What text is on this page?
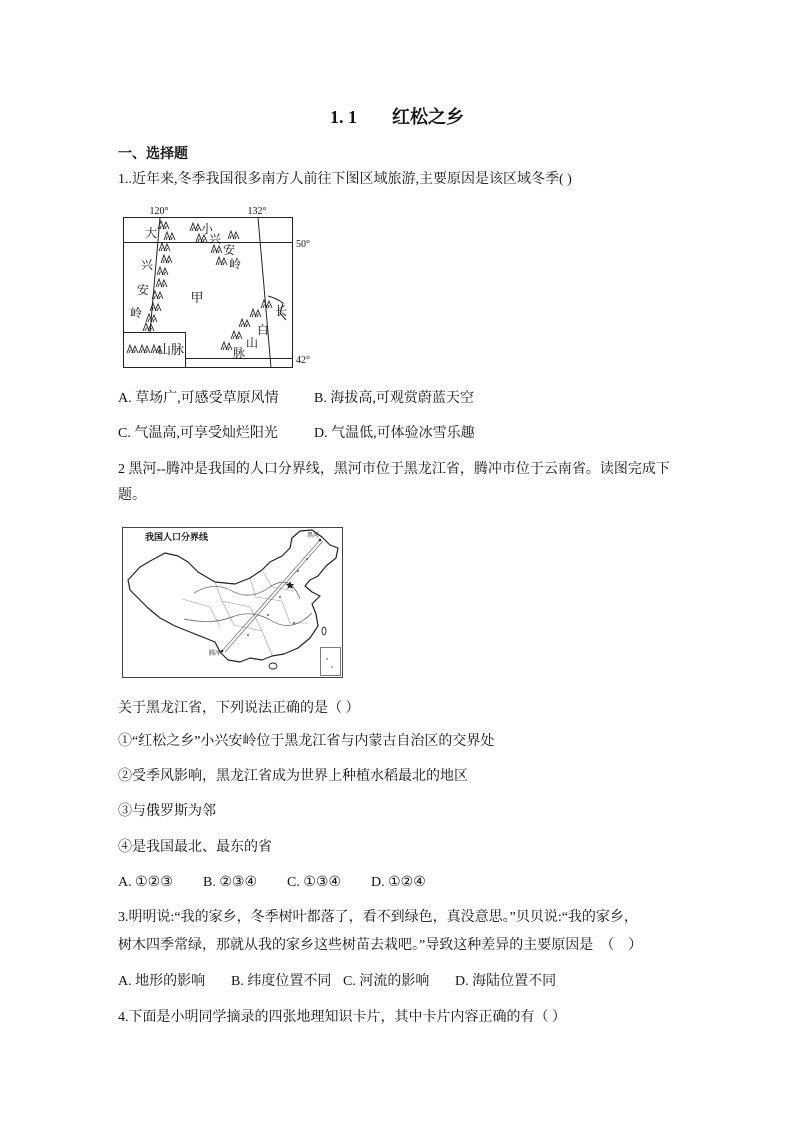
1. 1 红松之乡
一、选择题
1..近年来,冬季我国很多南方人前往下图区域旅游,主要原因是该区域冬季( )
120°	132°
50°
42°
大
兴
安
岭
小
兴
安
岭
甲
长
白
山
脉
山脉
A. 草场广,可感受草原风情	B. 海拔高,可观赏蔚蓝天空
C. 气温高,可享受灿烂阳光	D. 气温低,可体验冰雪乐趣
2 黑河--腾冲是我国的人口分界线，黑河市位于黑龙江省，腾冲市位于云南省。读图完成下
题。
我国人口分界线	黑河
腾冲
关于黑龙江省，下列说法正确的是（ ）
①“红松之乡”小兴安岭位于黑龙江省与内蒙古自治区的交界处
②受季风影响，黑龙江省成为世界上种植水稻最北的地区
③与俄罗斯为邻
④是我国最北、最东的省
A. ①②③ B. ②③④ C. ①③④ D. ①②④
3.明明说:“我的家乡，冬季树叶都落了，看不到绿色，真没意思。”贝贝说:“我的家乡，
树木四季常绿，那就从我的家乡这些树苗去栽吧。”导致这种差异的主要原因是　（　）
A. 地形的影响 B. 纬度位置不同 C. 河流的影响 D. 海陆位置不同
4.下面是小明同学摘录的四张地理知识卡片，其中卡片内容正确的有（ ）
